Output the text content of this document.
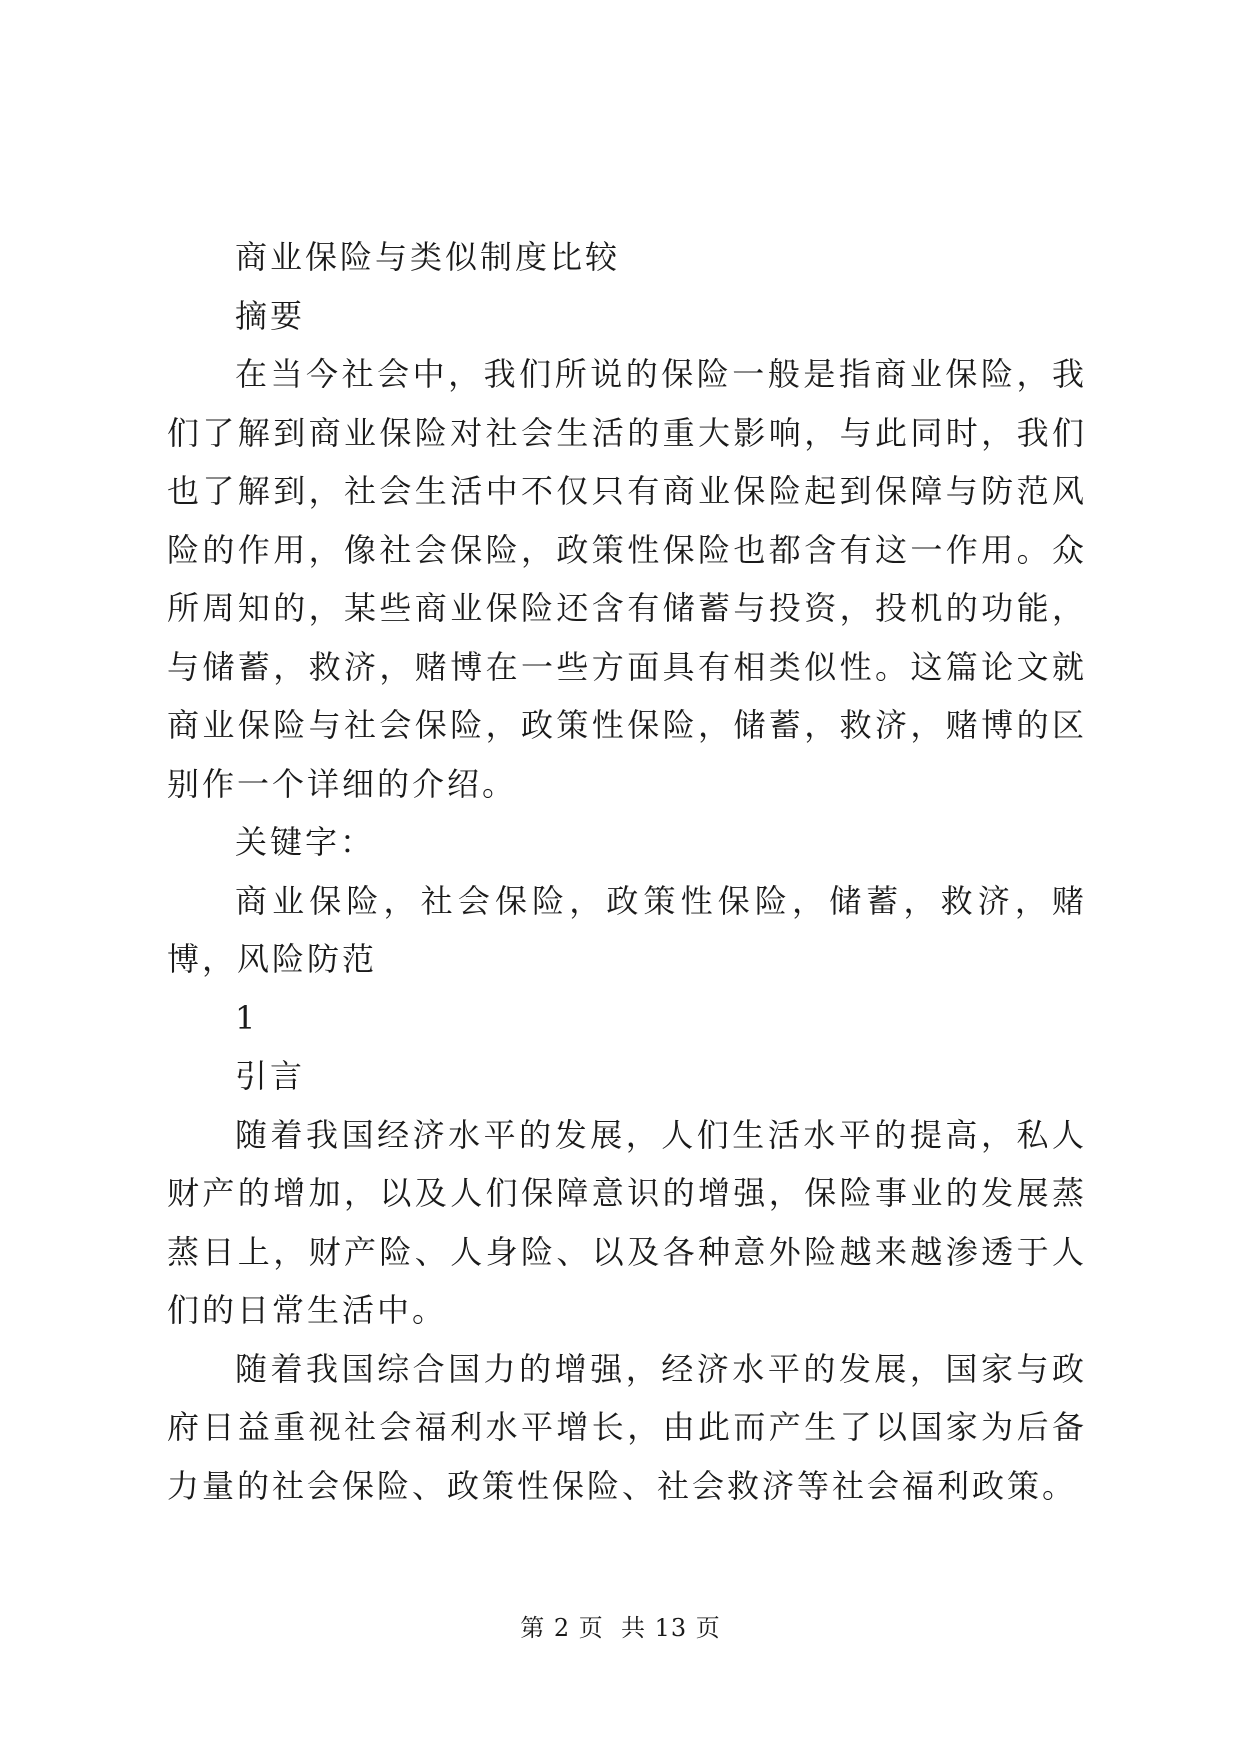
商业保险与类似制度比较

摘要

在当今社会中，我们所说的保险一般是指商业保险，我们了解到商业保险对社会生活的重大影响，与此同时，我们也了解到，社会生活中不仅只有商业保险起到保障与防范风险的作用，像社会保险，政策性保险也都含有这一作用。众所周知的，某些商业保险还含有储蓄与投资，投机的功能，与储蓄，救济，赌博在一些方面具有相类似性。这篇论文就商业保险与社会保险，政策性保险，储蓄，救济，赌博的区别作一个详细的介绍。

关键字：

商业保险，社会保险，政策性保险，储蓄，救济，赌博，风险防范

1

引言

随着我国经济水平的发展，人们生活水平的提高，私人财产的增加，以及人们保障意识的增强，保险事业的发展蒸蒸日上，财产险、人身险、以及各种意外险越来越渗透于人们的日常生活中。

随着我国综合国力的增强，经济水平的发展，国家与政府日益重视社会福利水平增长，由此而产生了以国家为后备力量的社会保险、政策性保险、社会救济等社会福利政策。

第 2 页  共 13 页
